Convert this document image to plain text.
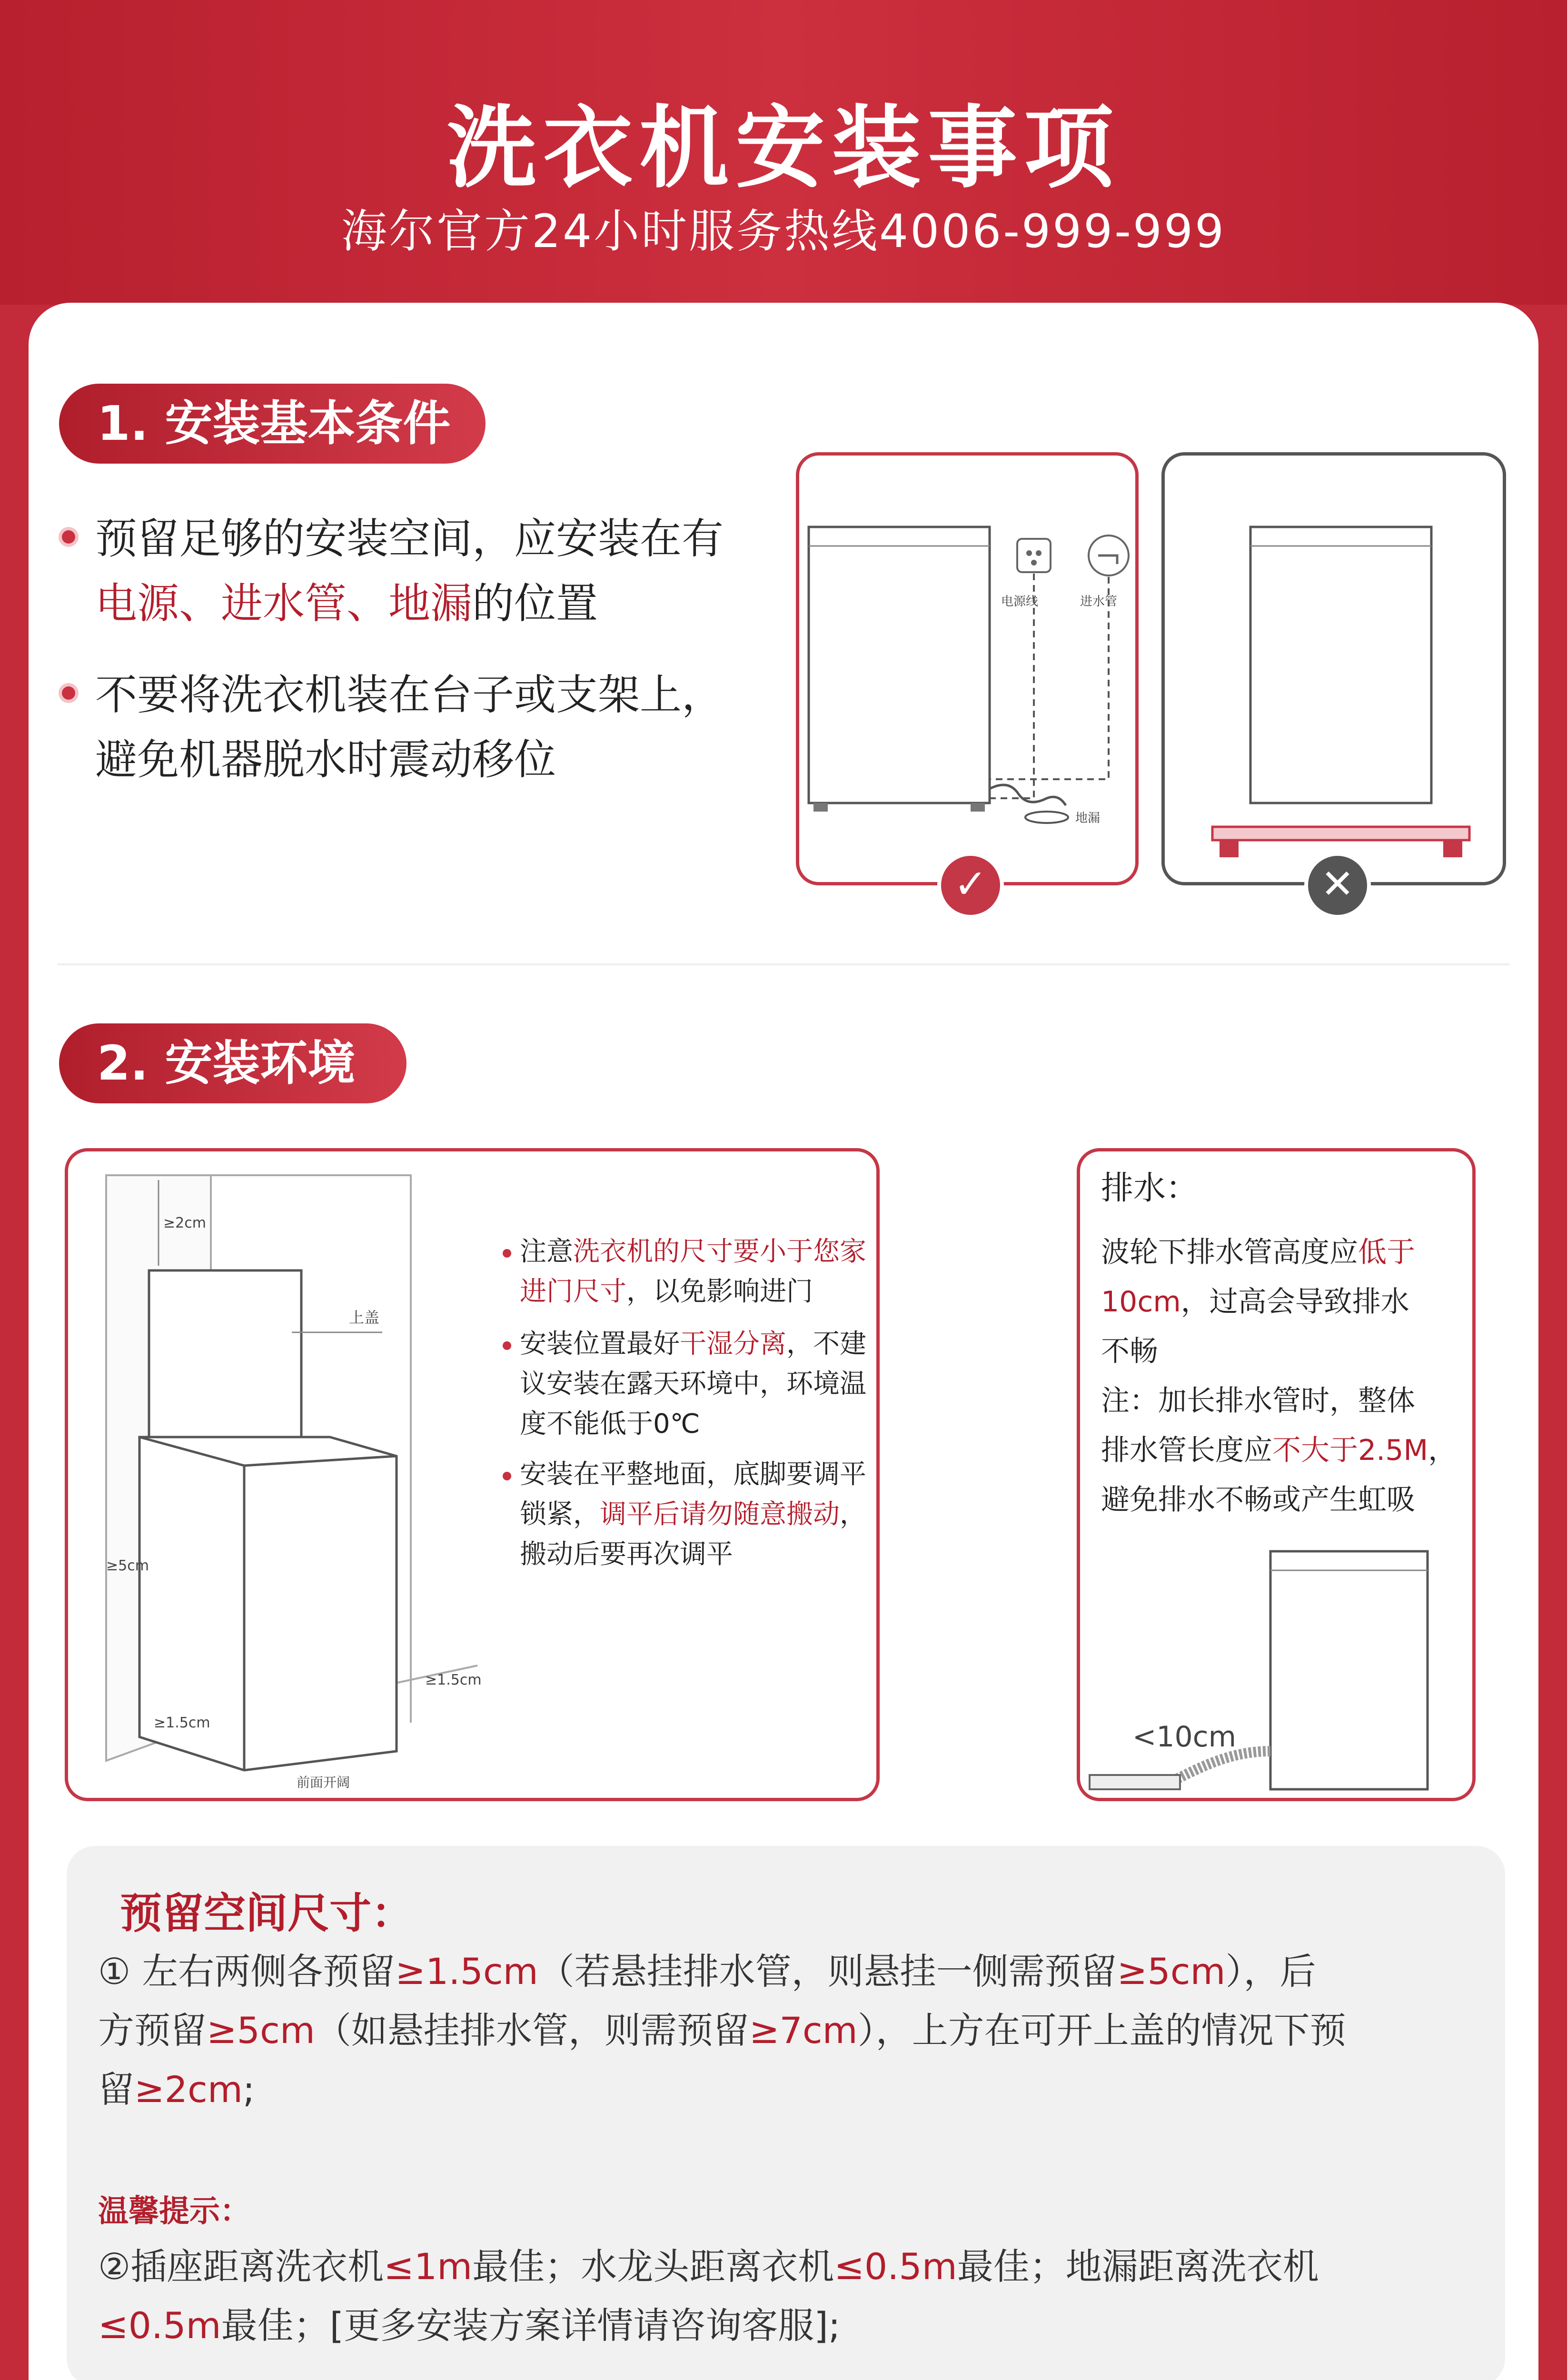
洗衣机安装事项
海尔官方24小时服务热线4006-999-999
1. 安装基本条件
预留足够的安装空间，应安装在有
电源、进水管、地漏的位置
不要将洗衣机装在台子或支架上，
避免机器脱水时震动移位
电源线	进水管
地漏
✓	✕
2. 安装环境
≥2cm
上盖
≥5cm
≥1.5cm
≥1.5cm
前面开阔
注意洗衣机的尺寸要小于您家
进门尺寸，以免影响进门
安装位置最好干湿分离，不建
议安装在露天环境中，环境温
度不能低于0℃
安装在平整地面，底脚要调平
锁紧，调平后请勿随意搬动，
搬动后要再次调平
排水：
波轮下排水管高度应低于
10cm，过高会导致排水
不畅
注：加长排水管时，整体
排水管长度应不大于2.5M，
避免排水不畅或产生虹吸
<10cm
预留空间尺寸：
① 左右两侧各预留≥1.5cm（若悬挂排水管，则悬挂一侧需预留≥5cm），后
方预留≥5cm（如悬挂排水管，则需预留≥7cm），上方在可开上盖的情况下预
留≥2cm;
温馨提示：
②插座距离洗衣机≤1m最佳；水龙头距离衣机≤0.5m最佳；地漏距离洗衣机
≤0.5m最佳；[更多安装方案详情请咨询客服];
